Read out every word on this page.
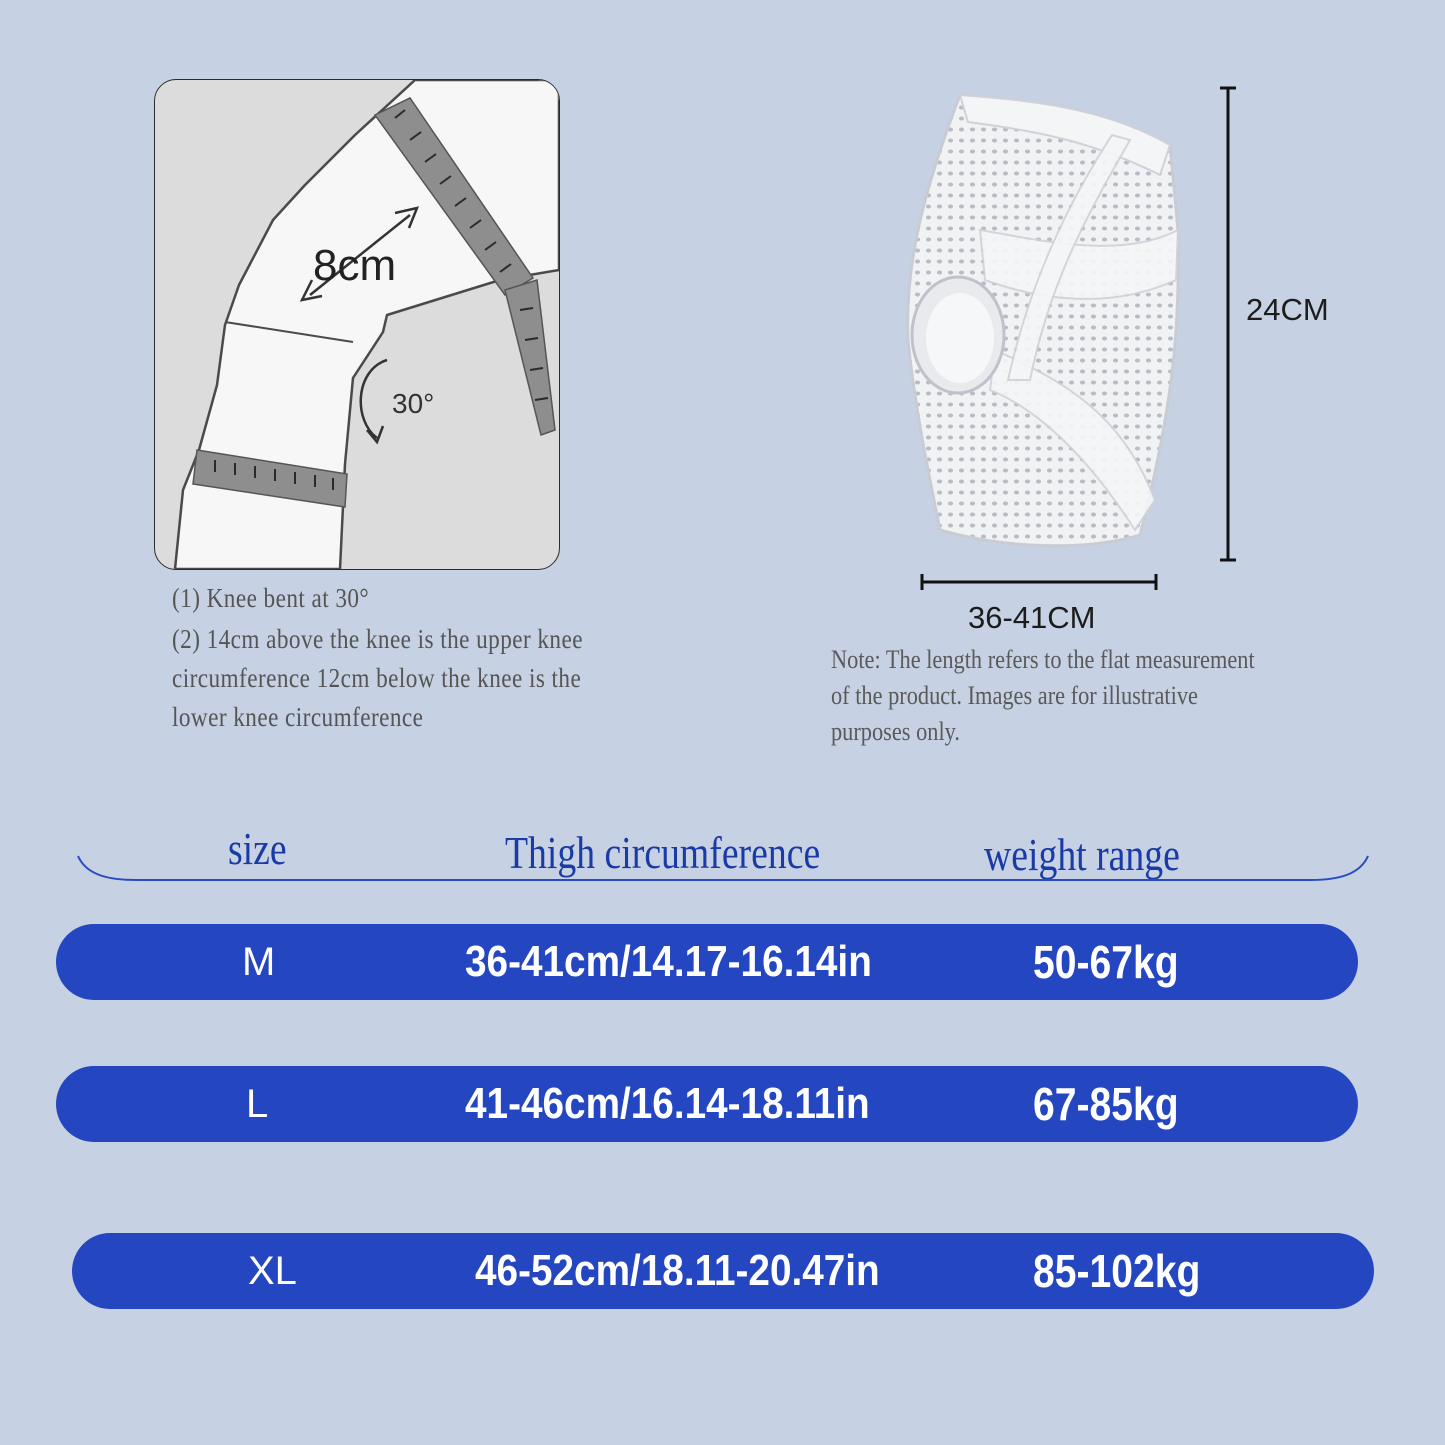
8cm
30°
(1) Knee bent at 30°
(2) 14cm above the knee is the upper knee
circumference 12cm below the knee is the
lower knee circumference
24CM
36-41CM
Note: The length refers to the flat measurement
of the product. Images are for illustrative
purposes only.
size	Thigh circumference	weight range
M	36-41cm/14.17-16.14in	50-67kg
L	41-46cm/16.14-18.11in	67-85kg
XL	46-52cm/18.11-20.47in	85-102kg
